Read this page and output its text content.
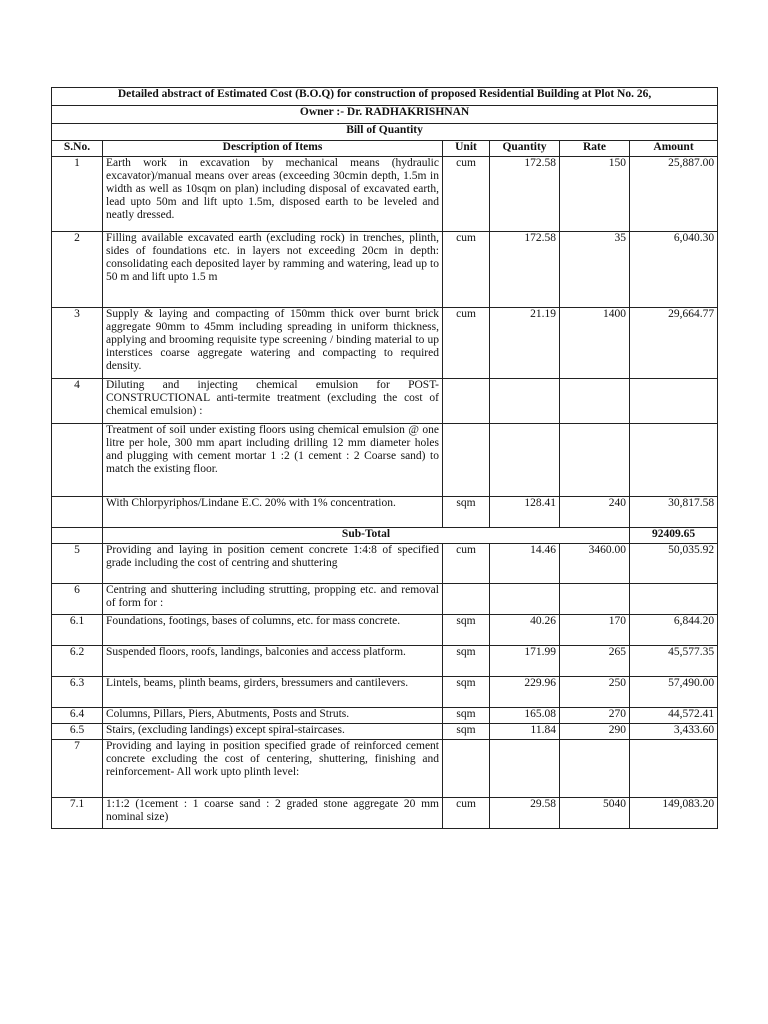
Detailed abstract of Estimated Cost (B.O.Q) for construction of proposed Residential Building at Plot No. 26,					
Owner :- Dr. RADHAKRISHNAN					
Bill of Quantity					
S.No.	Description of Items	Unit	Quantity	Rate	Amount
1	Earth work in excavation by mechanical means (hydraulic excavator)/manual means over areas (exceeding 30cmin depth, 1.5m in width as well as 10sqm on plan) including disposal of excavated earth, lead upto 50m and lift upto 1.5m, disposed earth to be leveled and neatly dressed.	cum	172.58	150	25,887.00
2	Filling available excavated earth (excluding rock) in trenches, plinth, sides of foundations etc. in layers not exceeding 20cm in depth: consolidating each deposited layer by ramming and watering, lead up to 50 m and lift upto 1.5 m	cum	172.58	35	6,040.30
3	Supply & laying and compacting of 150mm thick over burnt brick aggregate 90mm to 45mm including spreading in uniform thickness, applying and brooming requisite type screening / binding material to up interstices coarse aggregate watering and compacting to required density.	cum	21.19	1400	29,664.77
4	Diluting and injecting chemical emulsion for POST-CONSTRUCTIONAL anti-termite treatment (excluding the cost of chemical emulsion) :				
	Treatment of soil under existing floors using chemical emulsion @ one litre per hole, 300 mm apart including drilling 12 mm diameter holes and plugging with cement mortar 1 :2 (1 cement : 2 Coarse sand) to match the existing floor.				
	With Chlorpyriphos/Lindane E.C. 20% with 1% concentration.	sqm	128.41	240	30,817.58
	Sub-Total				92409.65
5	Providing and laying in position cement concrete 1:4:8 of specified grade including the cost of centring and shuttering	cum	14.46	3460.00	50,035.92
6	Centring and shuttering including strutting, propping etc. and removal of form for :				
6.1	Foundations, footings, bases of columns, etc. for mass concrete.	sqm	40.26	170	6,844.20
6.2	Suspended floors, roofs, landings, balconies and access platform.	sqm	171.99	265	45,577.35
6.3	Lintels, beams, plinth beams, girders, bressumers and cantilevers.	sqm	229.96	250	57,490.00
6.4	Columns, Pillars, Piers, Abutments, Posts and Struts.	sqm	165.08	270	44,572.41
6.5	Stairs, (excluding landings) except spiral-staircases.	sqm	11.84	290	3,433.60
7	Providing and laying in position specified grade of reinforced cement concrete excluding the cost of centering, shuttering, finishing and reinforcement- All work upto plinth level:				
7.1	1:1:2 (1cement : 1 coarse sand : 2 graded stone aggregate 20 mm nominal size)	cum	29.58	5040	149,083.20
